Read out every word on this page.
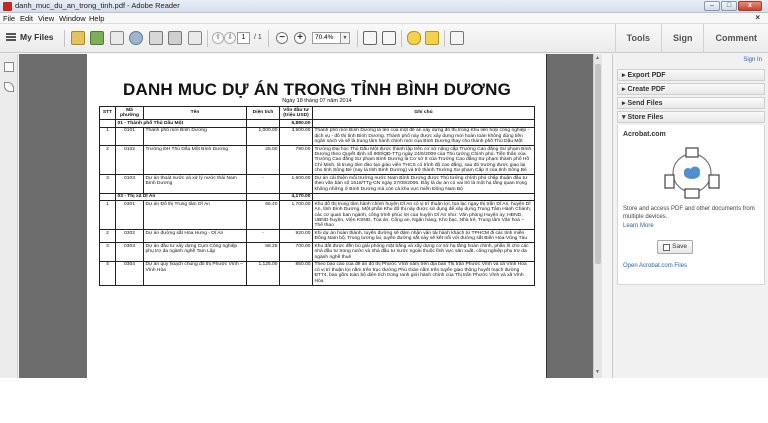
danh_muc_du_an_trong_tinh.pdf - Adobe Reader	–	□	x
File Edit View Window Help	×
My Files	⇧ ⇩	1	/ 1	−	+	70.4%	▼	Tools	Sign	Comment
DANH MUC DỰ ÁN TRONG TỈNH BÌNH DƯƠNG
Ngày 18 tháng 07 năm 2014
STT	Mã phường	Tên	Diện tích	Vốn đầu tư (triệu USD)	Ghi chú
	01 - Thành phố Thủ Dầu Một			5,890.00	
1	0101	Thành phố mới Bình Dương	1,000.00	3,500.00	Thành phố mới Bình Dương là tên của một đề án xây dựng đô thị trong Khu liên hợp công nghiệp - dịch vụ - đô thị tỉnh Bình Dương. Thành phố này được xây dựng mới hoàn toàn không dùng tiền ngân sách và sẽ là trung tâm hành chính mới của Bình Dương thay cho thành phố Thủ Dầu Một
2	0102	Trường ĐH Thủ Dầu Một Bình Dương	25.00	790.00	Trường Đại học Thủ Dầu Một được thành lập trên cơ sở nâng cấp Trường Cao đẳng Sư phạm Bình Dương theo Quyết định số 900/QĐ-TTg ngày 24/6/2009 của Thủ tướng Chính phủ. Tiền thân của Trường Cao đẳng Sư phạm Bình Dương là Cơ sở 5 của Trường Cao đẳng Sư phạm thành phố Hồ Chí Minh, là trung tâm đào tạo giáo viên THCS có trình độ cao đẳng, sau đó trường được giao lại cho tỉnh Sông Bé (nay là tỉnh Bình Dương) và trở thành Trường Sư phạm Cấp II của tỉnh Sông Bé
3	0103	Dự án thoát nước và xử lý nước thải Nam Bình Dương	-	1,600.00	Dự án cải thiện môi trường nước Nam Bình Dương được Thủ tướng chính phủ chấp thuận đầu tư theo văn bản số 1518/TTg-CN ngày 27/09/2006. Đây là dự án có vai trò là một hạ tầng quan trọng không những ở Bình Dương mà còn cả khu vực miền Đông Nam Bộ
	03 - Thị xã Dĩ An			4,170.00	
1	0301	Dự án Đô thị Trung tâm Dĩ An	66.40	1,700.00	Khu đô thị trung tâm hành chính huyện Dĩ An có vị trí thuận lợi, tọa lạc ngay thị trấn Dĩ An, huyện Dĩ An, tỉnh Bình Dương. Một phần Khu đô thị này được sử dụng để xây dựng Trung Tâm Hành Chánh, các cơ quan ban ngành, công trình phúc lợi của huyện Dĩ An như: Văn phòng Huyện ủy, HĐND, UBND huyện, Viện KSND, Tòa án, Công an, Ngân hàng, Kho bạc, Nhà trẻ, Trung tâm Văn hoá – Thể thao
2	0302	Dự án đường sắt Hòa Hưng - Dĩ An	-	920.00	Khi dự án hoàn thành, tuyến đường sẽ đảm nhận vận tải hành khách từ TPHCM đi các tỉnh miền Đông Nam bộ, Trong tương lai, tuyến đường sắt này sẽ kết nối với đường sắt Biên Hòa-Vũng Tàu
3	0303	Dự án đầu tư xây dựng Cụm Công nghiệp phụ trợ da ngành nghề Tam Lập	68.25	700.00	Khu đất được đền bù giải phóng mặt bằng và xây dựng cơ sở hạ tầng hoàn chỉnh, phần lô cho các nhà đầu tư trong nước và nhà đầu tư nước ngoài thuộc lĩnh vực sản xuất, công nghiệp phụ trợ da ngành nghề thuê
4	0304	Dự án quy hoạch chung đô thị Phước Vĩnh – Vĩnh Hòa	1,125.00	850.00	Theo báo cáo của đề án đô thị Phước Vĩnh năm trên địa bàn Thị trấn Phước Vĩnh và xã Vĩnh Hòa có vị trí thuận lợi nằm trên trục đường Phú Giáo nằm trên tuyến giao thông huyết mạch đường ĐT74, bao gồm toàn bộ diện tích trong ranh giới hành chính của Thị trấn Phước Vĩnh và xã Vĩnh Hòa
▲
▼
Sign In
▸ Export PDF
▸ Create PDF
▸ Send Files
▾ Store Files
Acrobat.com
Store and access PDF and other documents from multiple devices.
Learn More
Save
Open Acrobat.com Files
